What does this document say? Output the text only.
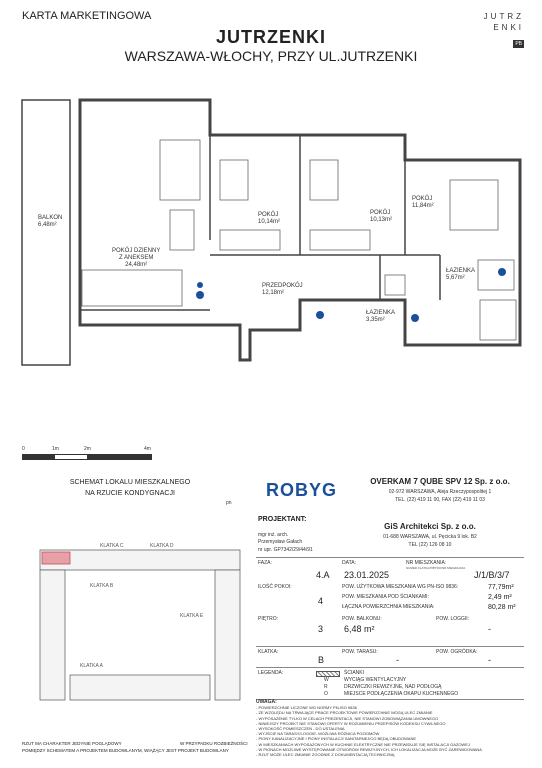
KARTA MARKETINGOWA
JUTRZENKI
WARSZAWA-WŁOCHY, PRZY UL.JUTRZENKI
JUTRZ
ENKI
PB
BALKON
6,48m²
POKÓJ DZIENNY
Z ANEKSEM
24,48m²
POKÓJ
10,14m²
POKÓJ
10,13m²
POKÓJ
11,84m²
ŁAZIENKA
5,67m²
PRZEDPOKÓJ
12,18m²
ŁAZIENKA
3,35m²
0	1m	2m	4m
SCHEMAT LOKALU MIESZKALNEGO
NA RZUCIE KONDYGNACJI
pn
KLATKA C	KLATKA D
KLATKA B
KLATKA E
KLATKA A
ROBYG	OVERKAM 7 QUBE SPV 12 Sp. z o.o.
02-972 WARSZAWA, Aleja Rzeczypospolitej 1
TEL. (22) 419 11 00, FAX (22) 419 11 03
PROJEKTANT:
mgr inż. arch.
Przemysław Gałach
nr upr. GP7342/29/44/91
GiS Architekci Sp. z o.o.
01-688 WARSZAWA, ul. Pęcicka 9 lok. B2
TEL (22) 126 08 10
FAZA:
4.A
DATA:
23.01.2025
NR MIESZKANIA:
NUMER KLATKA/PIĘTRO/NR MIESZKANIA
J/1/B/3/7
ILOŚĆ POKOI:
4
POW. UŻYTKOWA MIESZKANIA WG PN-ISO 9836:	77,79m²
POW. MIESZKANIA POD ŚCIANKAMI:	2,49 m²
ŁĄCZNA POWIERZCHNIA MIESZKANIA:	80,28 m²
PIĘTRO:
3
POW. BALKONU:
6,48 m²
POW. LOGGII:
-
KLATKA:
B
POW. TARASU:
-
POW. OGRÓDKA:
-
LEGENDA:	ŚCIANKI
W	WYCIĄG WENTYLACYJNY
R	DRZWICZKI REWIZYJNE, NAD PODŁOGĄ
O	MIEJSCE PODŁĄCZENIA OKAPU KUCHENNEGO
UWAGA:
- POWIERZCHNIE LICZONE WG NORMY PN-ISO 9836
- ZE WZGLĘDU NA TRWAJĄCE PRACE PROJEKTOWE POWIERZCHNIE MOGĄ ULEC ZMIANIE
- WYPOSAŻENIE TYLKO W CELACH PREZENTACJI, NIE STANOWI ZOBOWIĄZANIA UMOWNEGO
- NINIEJSZY PROJEKT NIE STANOWI OFERTY W ROZUMIENIU PRZEPISÓW KODEKSU CYWILNEGO
- WYSOKOŚĆ POMIESZCZEŃ - DO USTALENIA
- WYJŚCIE NA TARASY/LOGGIE- MOŻLIWA RÓŻNICA POZIOMÓW
- PIONY KANALIZACYJNE I PIONY INSTALACJI SANITARNEJ/CO BĘDĄ OBUDOWANE
- W MIESZKANIACH WYPOSAŻONYCH W KUCHNIE ELEKTRYCZNE NIE PRZEWIDUJE SIĘ INSTALACJI GAZOWEJ
- W PIONACH MOŻLIWE WYSTĘPOWANIE OTWORÓW REWIZYJNYCH, ICH LOKALIZACJA MOŻE BYĆ ZAREWIDOWANA
- RZUT MOŻE ULEC ZMIANIE ZGODNIE Z DOKUMENTACJĄ TECHNICZNĄ
RZUT MA CHARAKTER JEDYNIE POGLĄDOWY
POMIĘDZY SCHEMATEM A PROJEKTEM BUDOWLANYM, WIĄŻĄCY JEST PROJEKT BUDOWLANY
W PRZYPADKU ROZBIEŻNOŚCI
